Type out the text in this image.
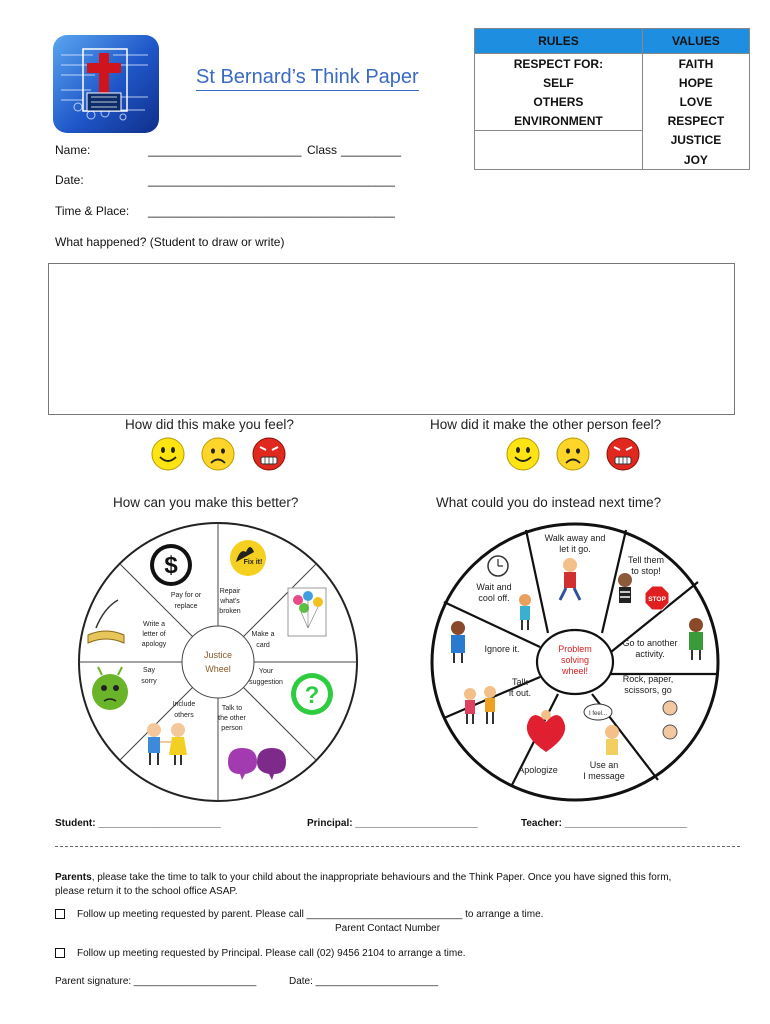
St Bernard’s Think Paper
RULES	VALUES
RESPECT FOR:	FAITH
SELF	HOPE
OTHERS	LOVE
ENVIRONMENT	RESPECT
	JUSTICE
	JOY
Name:	_______________________ Class _________
Date:	_____________________________________
Time & Place: _____________________________________
What happened? (Student to draw or write)
How did this make you feel?	How did it make the other person feel?
How can you make this better?	What could you do instead next time?
Justice
Wheel
Pay for or replace
Repair what's broken
Make a card
Your suggestion
Talk to the other person
Include others
Say sorry
Write a letter of apology
$	Fix it!
?
Problem solving wheel!
Walk away and let it go.
Tell them to stop!
Go to another activity.
Rock, paper, scissors, go
Use an I message
Apologize
Talk it out.
Ignore it.
Wait and cool off.	STOP
I feel...
Student: ______________________	Principal: ______________________	Teacher: ______________________
Parents, please take the time to talk to your child about the inappropriate behaviours and the Think Paper. Once you have signed this form,
please return it to the school office ASAP.
Follow up meeting requested by parent. Please call ____________________________ to arrange a time.
Parent Contact Number
Follow up meeting requested by Principal. Please call (02) 9456 2104 to arrange a time.
Parent signature: ______________________	Date: ______________________
